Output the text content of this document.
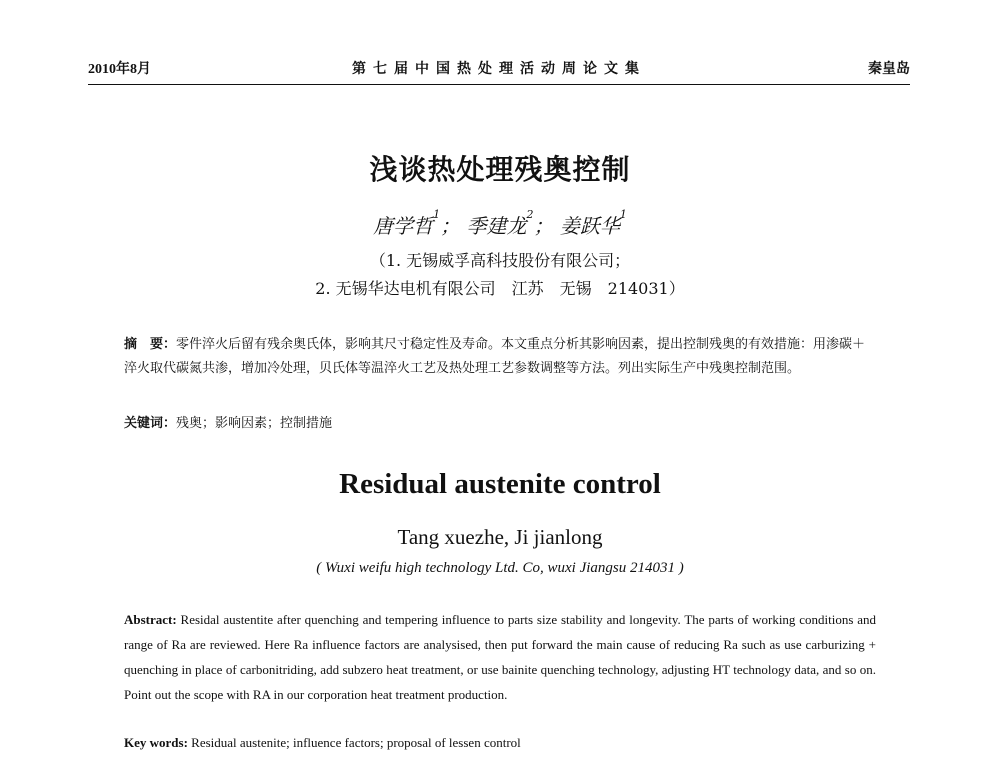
2010年8月	第七届中国热处理活动周论文集	秦皇岛
浅谈热处理残奥控制
唐学哲$^1$； 季建龙$^2$； 姜跃华$^1$
（1. 无锡威孚高科技股份有限公司；
2. 无锡华达电机有限公司　江苏　无锡　214031）
摘　要：零件淬火后留有残余奥氏体，影响其尺寸稳定性及寿命。本文重点分析其影响因素，提出控制残奥的有效措施：用渗碳＋淬火取代碳氮共渗，增加冷处理，贝氏体等温淬火工艺及热处理工艺参数调整等方法。列出实际生产中残奥控制范围。
关键词：残奥；影响因素；控制措施
Residual austenite control
Tang xuezhe, Ji jianlong
( Wuxi weifu high technology Ltd. Co, wuxi Jiangsu 214031 )
Abstract: Residal austentite after quenching and tempering influence to parts size stability and longevity. The parts of working conditions and range of Ra are reviewed. Here Ra influence factors are analysised, then put forward the main cause of reducing Ra such as use carburizing + quenching in place of carbonitriding, add subzero heat treatment, or use bainite quenching technology, adjusting HT technology data, and so on. Point out the scope with RA in our corporation heat treatment production.
Key words: Residual austenite; influence factors; proposal of lessen control
